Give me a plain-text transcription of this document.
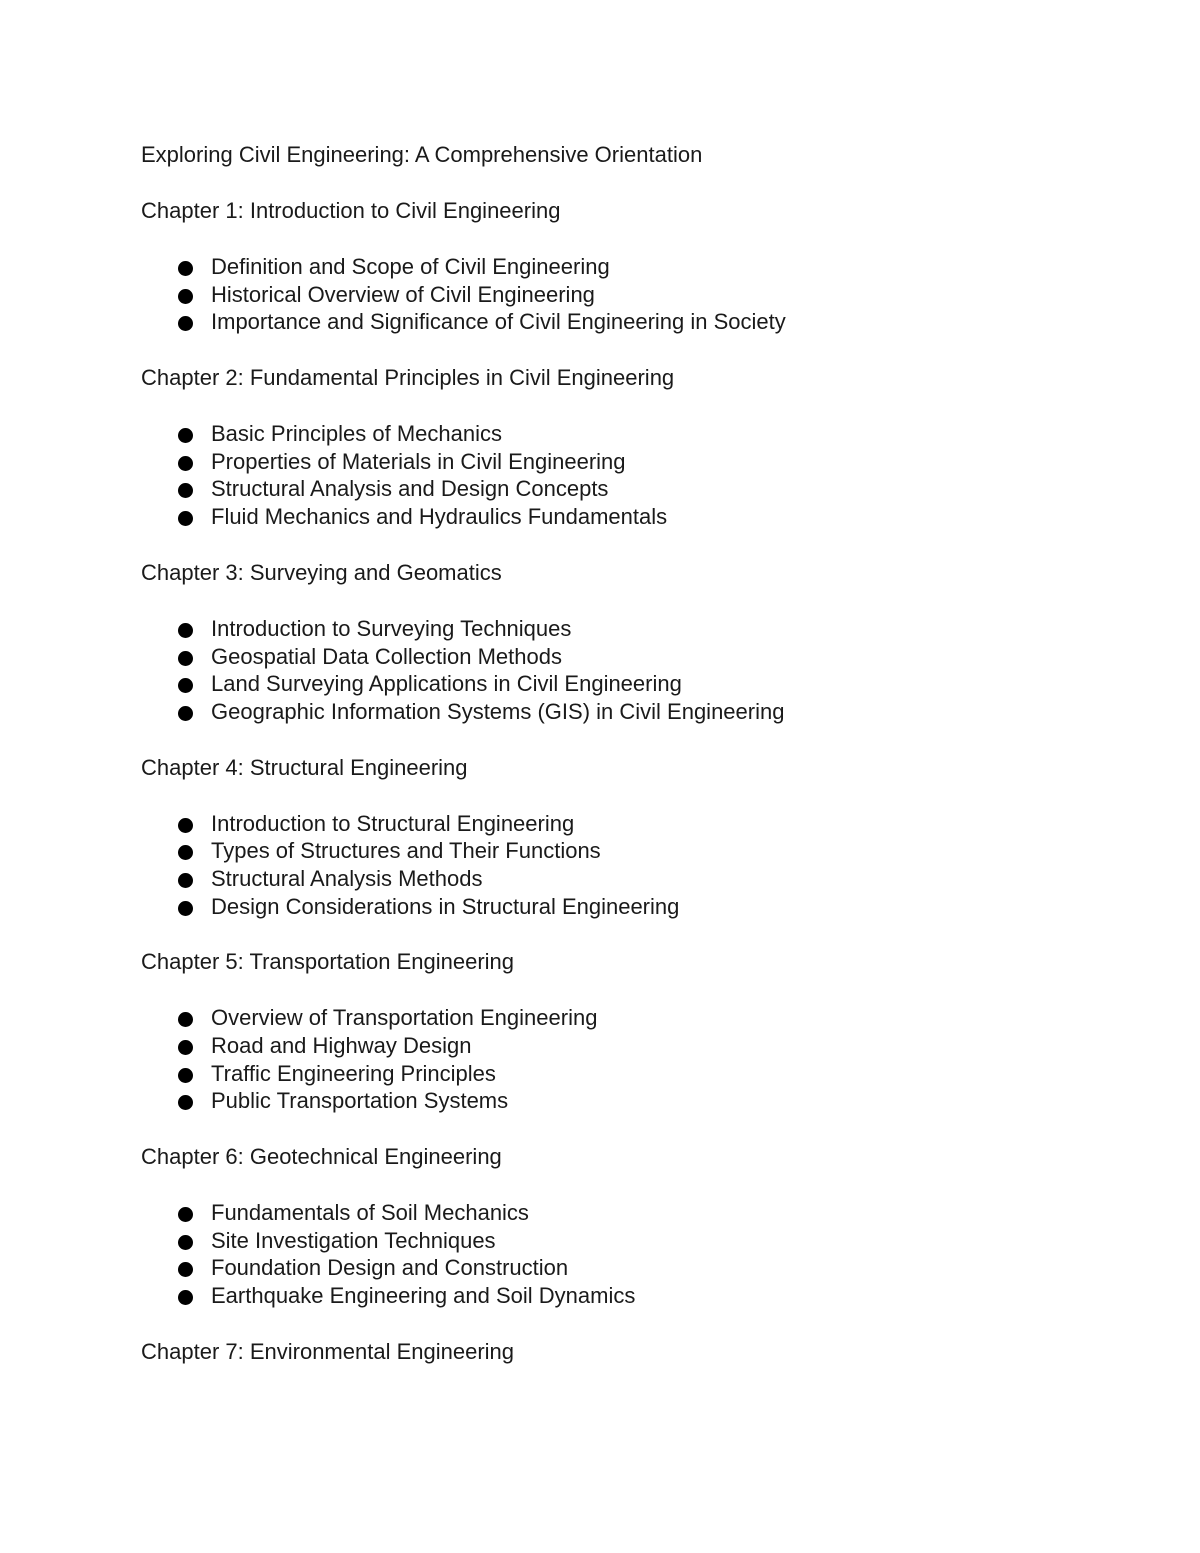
Exploring Civil Engineering: A Comprehensive Orientation
Chapter 1: Introduction to Civil Engineering
Definition and Scope of Civil Engineering
Historical Overview of Civil Engineering
Importance and Significance of Civil Engineering in Society
Chapter 2: Fundamental Principles in Civil Engineering
Basic Principles of Mechanics
Properties of Materials in Civil Engineering
Structural Analysis and Design Concepts
Fluid Mechanics and Hydraulics Fundamentals
Chapter 3: Surveying and Geomatics
Introduction to Surveying Techniques
Geospatial Data Collection Methods
Land Surveying Applications in Civil Engineering
Geographic Information Systems (GIS) in Civil Engineering
Chapter 4: Structural Engineering
Introduction to Structural Engineering
Types of Structures and Their Functions
Structural Analysis Methods
Design Considerations in Structural Engineering
Chapter 5: Transportation Engineering
Overview of Transportation Engineering
Road and Highway Design
Traffic Engineering Principles
Public Transportation Systems
Chapter 6: Geotechnical Engineering
Fundamentals of Soil Mechanics
Site Investigation Techniques
Foundation Design and Construction
Earthquake Engineering and Soil Dynamics
Chapter 7: Environmental Engineering
